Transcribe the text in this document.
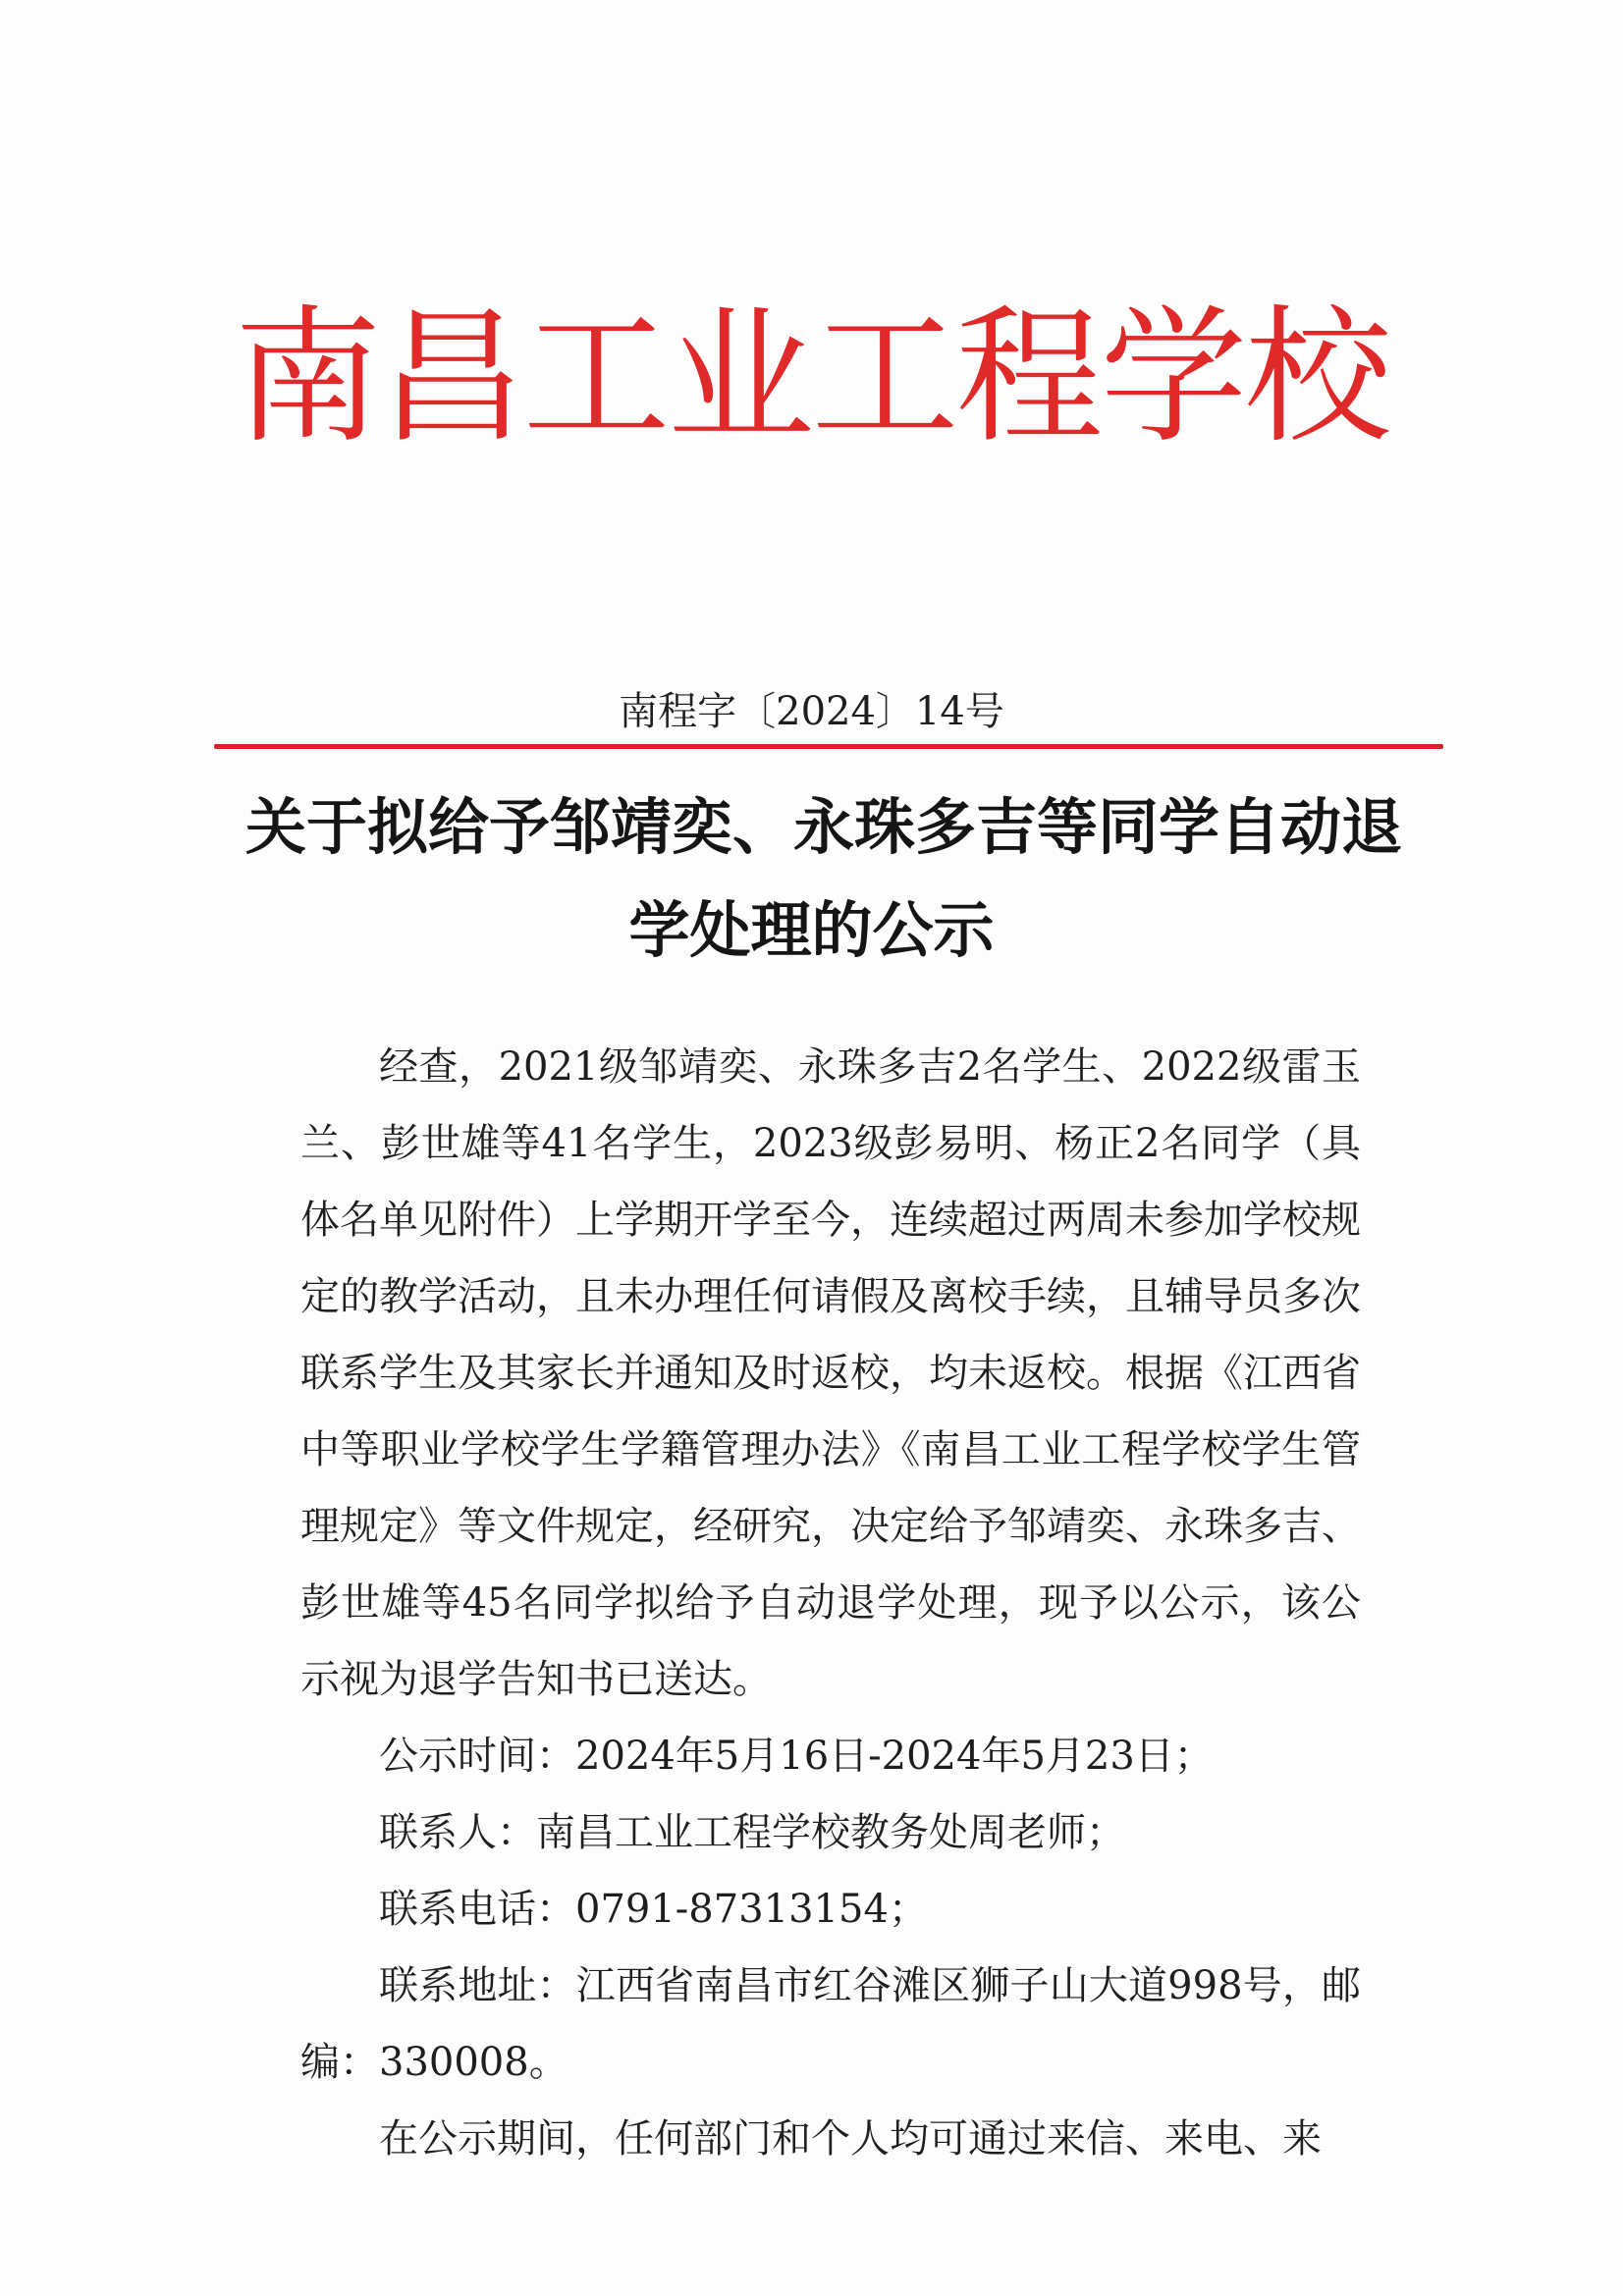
南昌工业工程学校
南程字〔2024〕14号
关于拟给予邹靖奕、永珠多吉等同学自动退
学处理的公示

经查，2021级邹靖奕、永珠多吉2名学生、2022级雷玉兰、彭世雄等41名学生，2023级彭易明、杨正2名同学（具体名单见附件）上学期开学至今，连续超过两周未参加学校规定的教学活动，且未办理任何请假及离校手续，且辅导员多次联系学生及其家长并通知及时返校，均未返校。根据《江西省中等职业学校学生学籍管理办法》《南昌工业工程学校学生管理规定》等文件规定，经研究，决定给予邹靖奕、永珠多吉、彭世雄等45名同学拟给予自动退学处理，现予以公示，该公示视为退学告知书已送达。

公示时间：2024年5月16日-2024年5月23日；

联系人：南昌工业工程学校教务处周老师；

联系电话：0791-87313154；

联系地址：江西省南昌市红谷滩区狮子山大道998号，邮编：330008。

在公示期间，任何部门和个人均可通过来信、来电、来
